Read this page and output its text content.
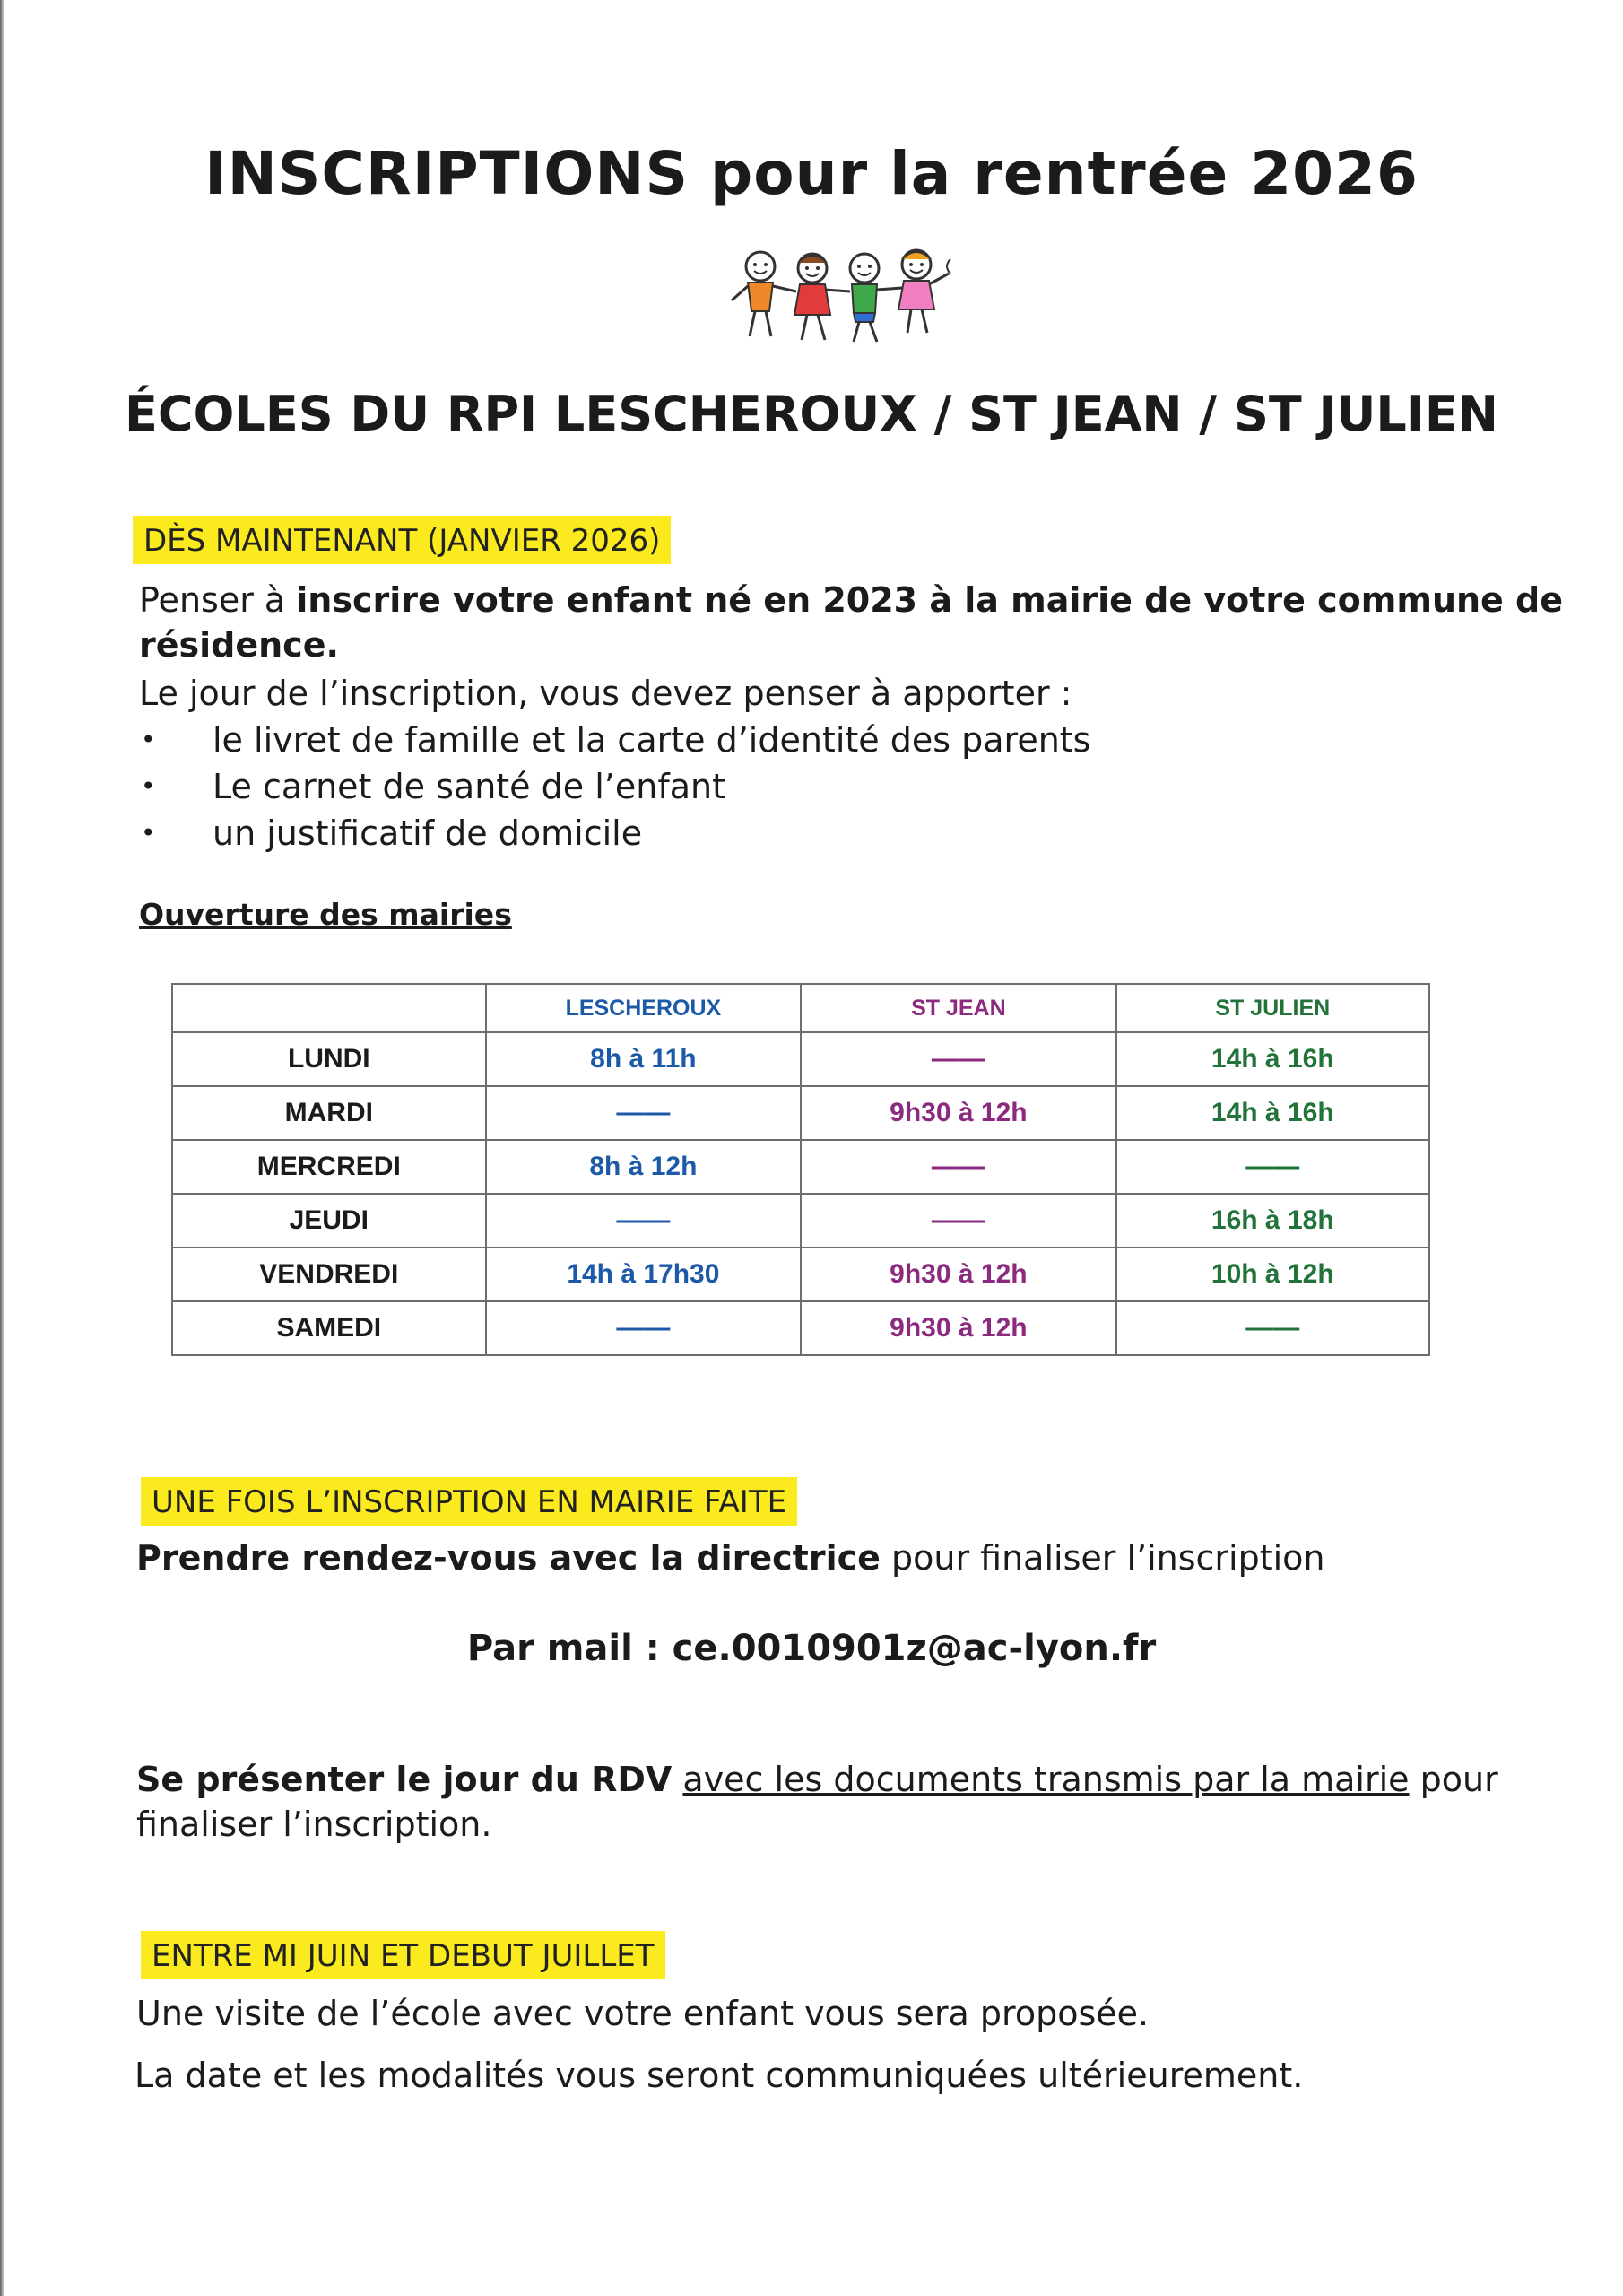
INSCRIPTIONS pour la rentrée 2026
ÉCOLES DU RPI LESCHEROUX / ST JEAN / ST JULIEN
DÈS MAINTENANT (JANVIER 2026)
Penser à inscrire votre enfant né en 2023 à la mairie de votre commune de
résidence.
Le jour de l’inscription, vous devez penser à apporter :
• le livret de famille et la carte d’identité des parents
• Le carnet de santé de l’enfant
• un justificatif de domicile
Ouverture des mairies
	LESCHEROUX	ST JEAN	ST JULIEN
LUNDI	8h à 11h	——	14h à 16h
MARDI	——	9h30 à 12h	14h à 16h
MERCREDI	8h à 12h	——	——
JEUDI	——	——	16h à 18h
VENDREDI	14h à 17h30	9h30 à 12h	10h à 12h
SAMEDI	——	9h30 à 12h	——
UNE FOIS L’INSCRIPTION EN MAIRIE FAITE
Prendre rendez-vous avec la directrice pour finaliser l’inscription
Par mail : ce.0010901z@ac-lyon.fr
Se présenter le jour du RDV avec les documents transmis par la mairie pour
finaliser l’inscription.
ENTRE MI JUIN ET DEBUT JUILLET
Une visite de l’école avec votre enfant vous sera proposée.
La date et les modalités vous seront communiquées ultérieurement.
